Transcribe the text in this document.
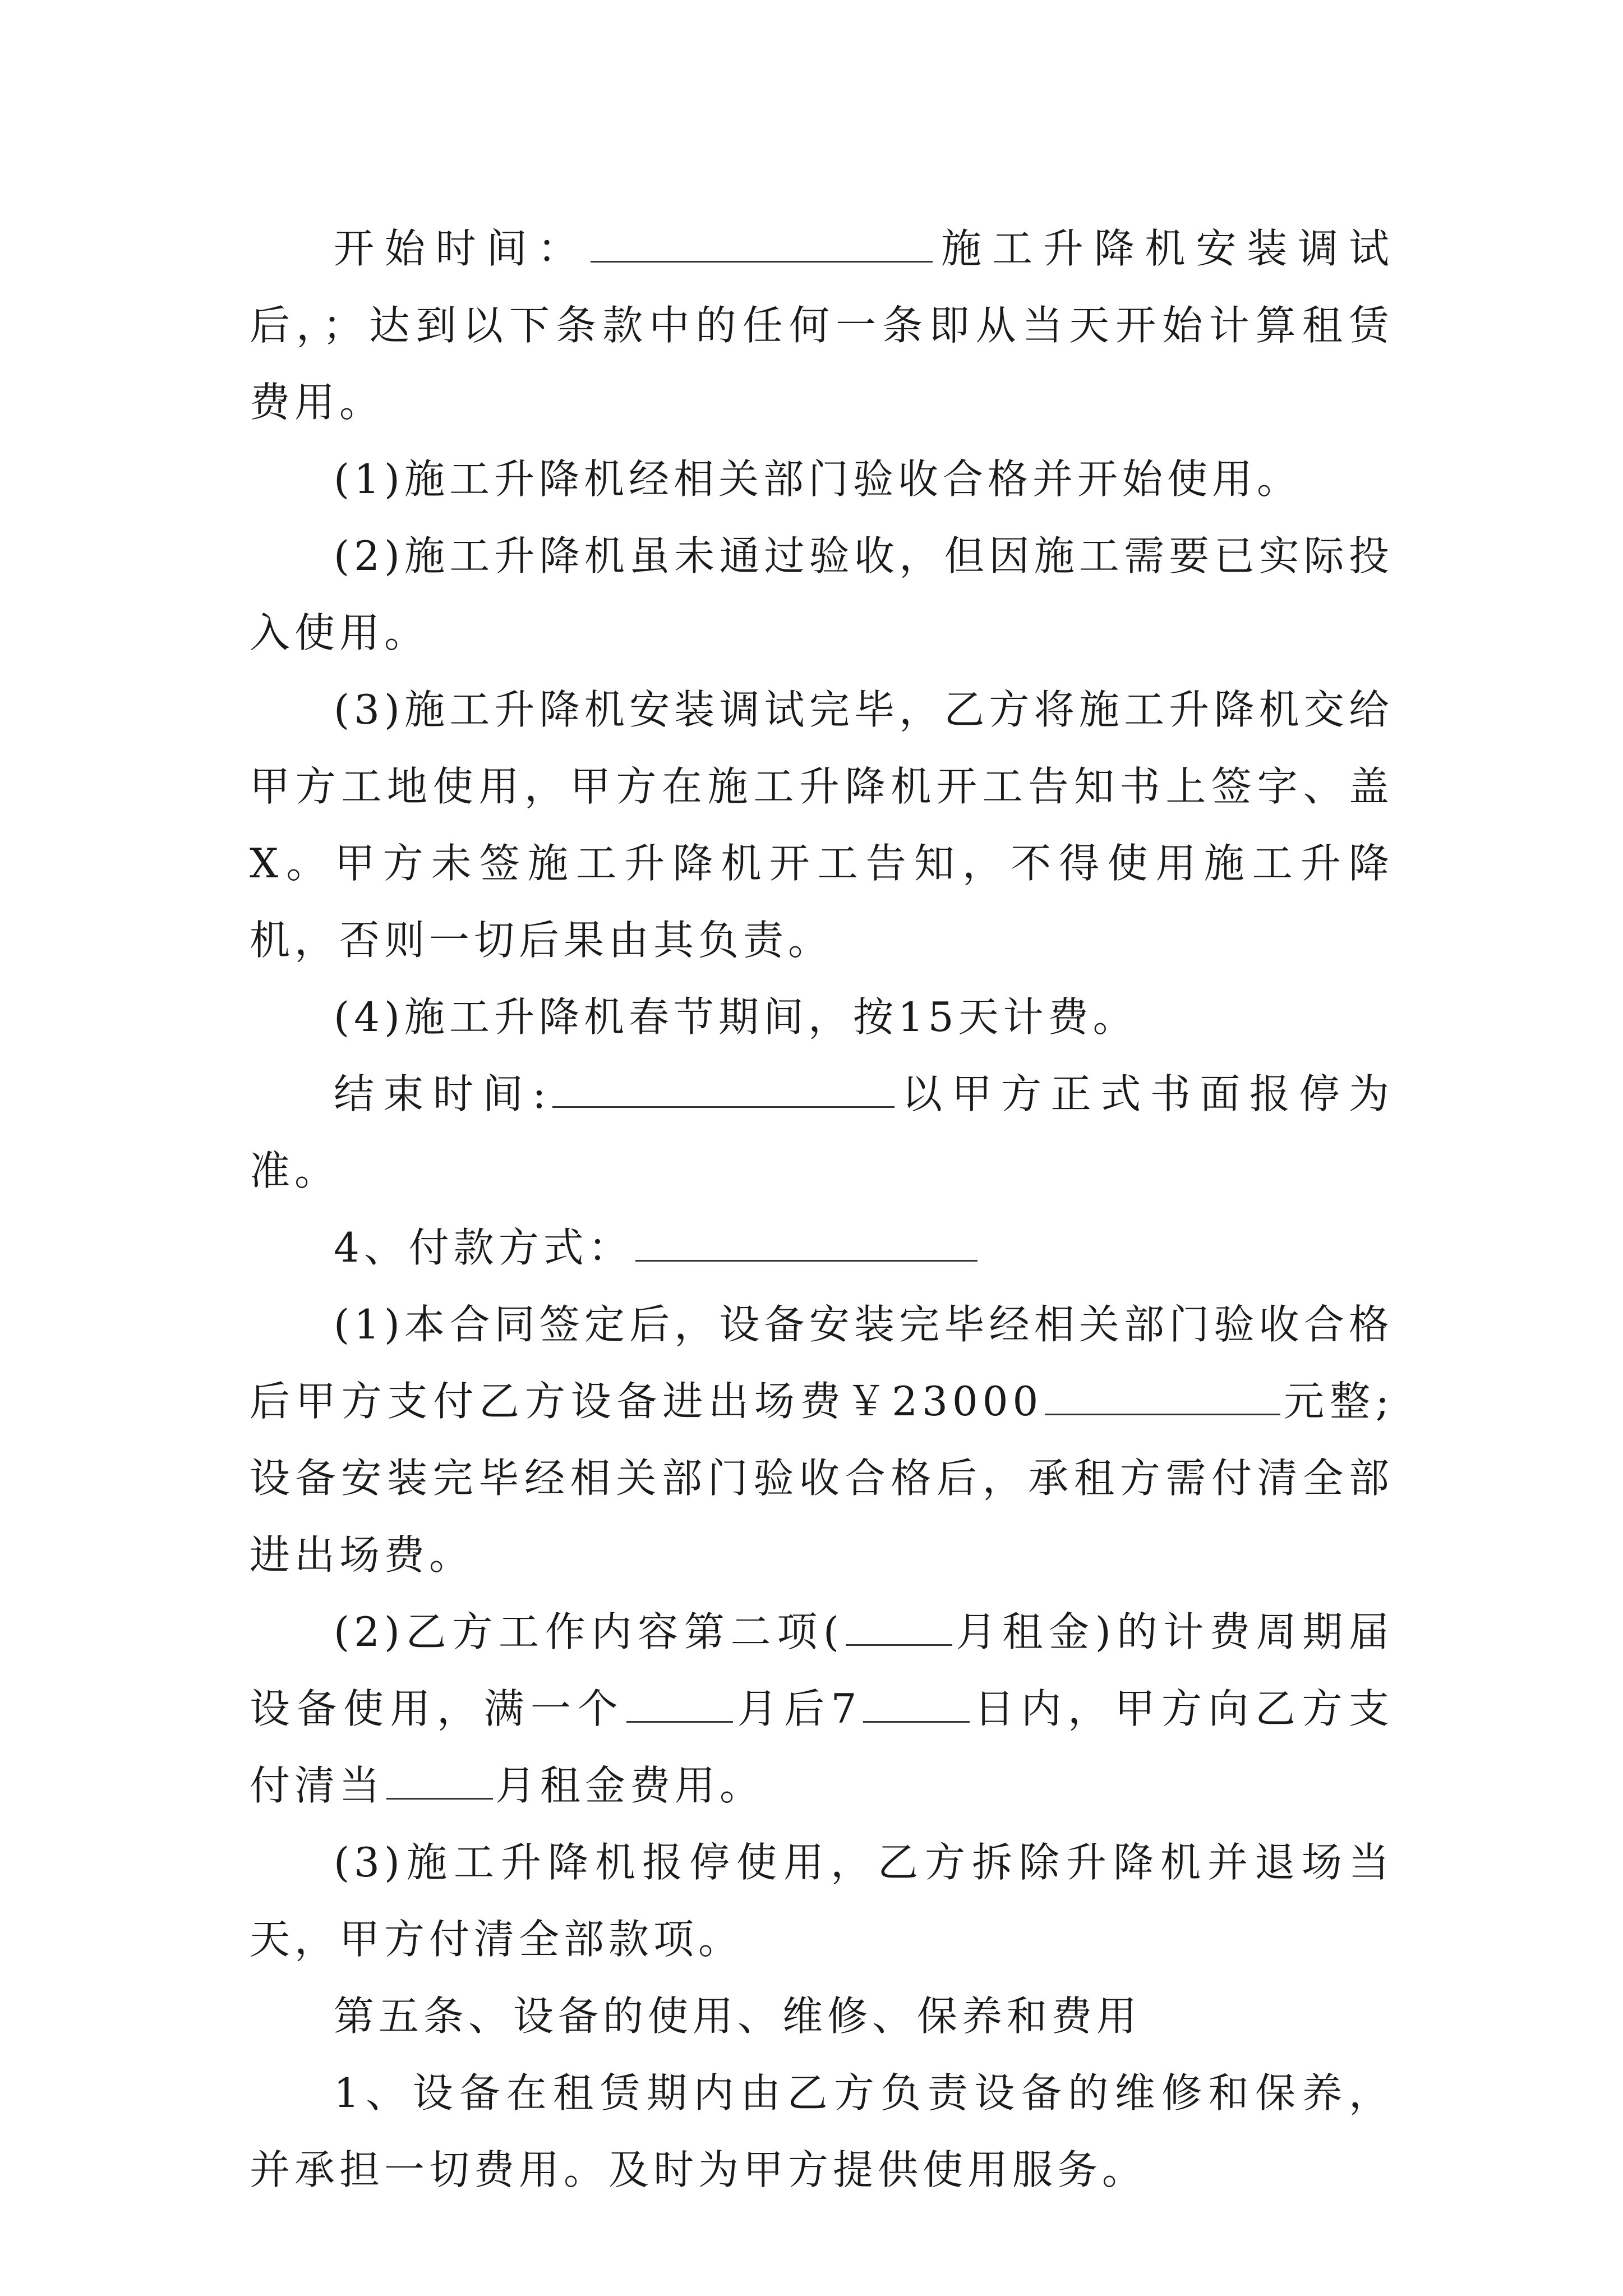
开始时间：	施工升降机安装调试后，；达到以下条款中的任何一条即从当天开始计算租赁费用。

(1)施工升降机经相关部门验收合格并开始使用。

(2)施工升降机虽未通过验收，但因施工需要已实际投入使用。

(3)施工升降机安装调试完毕，乙方将施工升降机交给甲方工地使用，甲方在施工升降机开工告知书上签字、盖X。甲方未签施工升降机开工告知，不得使用施工升降机，否则一切后果由其负责。

(4)施工升降机春节期间，按15天计费。

结束时间:	以甲方正式书面报停为准。

4、付款方式：

(1)本合同签定后，设备安装完毕经相关部门验收合格后甲方支付乙方设备进出场费￥23000	元整;设备安装完毕经相关部门验收合格后，承租方需付清全部进出场费。

(2)乙方工作内容第二项(	月租金)的计费周期届设备使用，满一个	月后7	日内，甲方向乙方支付清当	月租金费用。

(3)施工升降机报停使用，乙方拆除升降机并退场当天，甲方付清全部款项。

第五条、设备的使用、维修、保养和费用

1、设备在租赁期内由乙方负责设备的维修和保养，并承担一切费用。及时为甲方提供使用服务。
